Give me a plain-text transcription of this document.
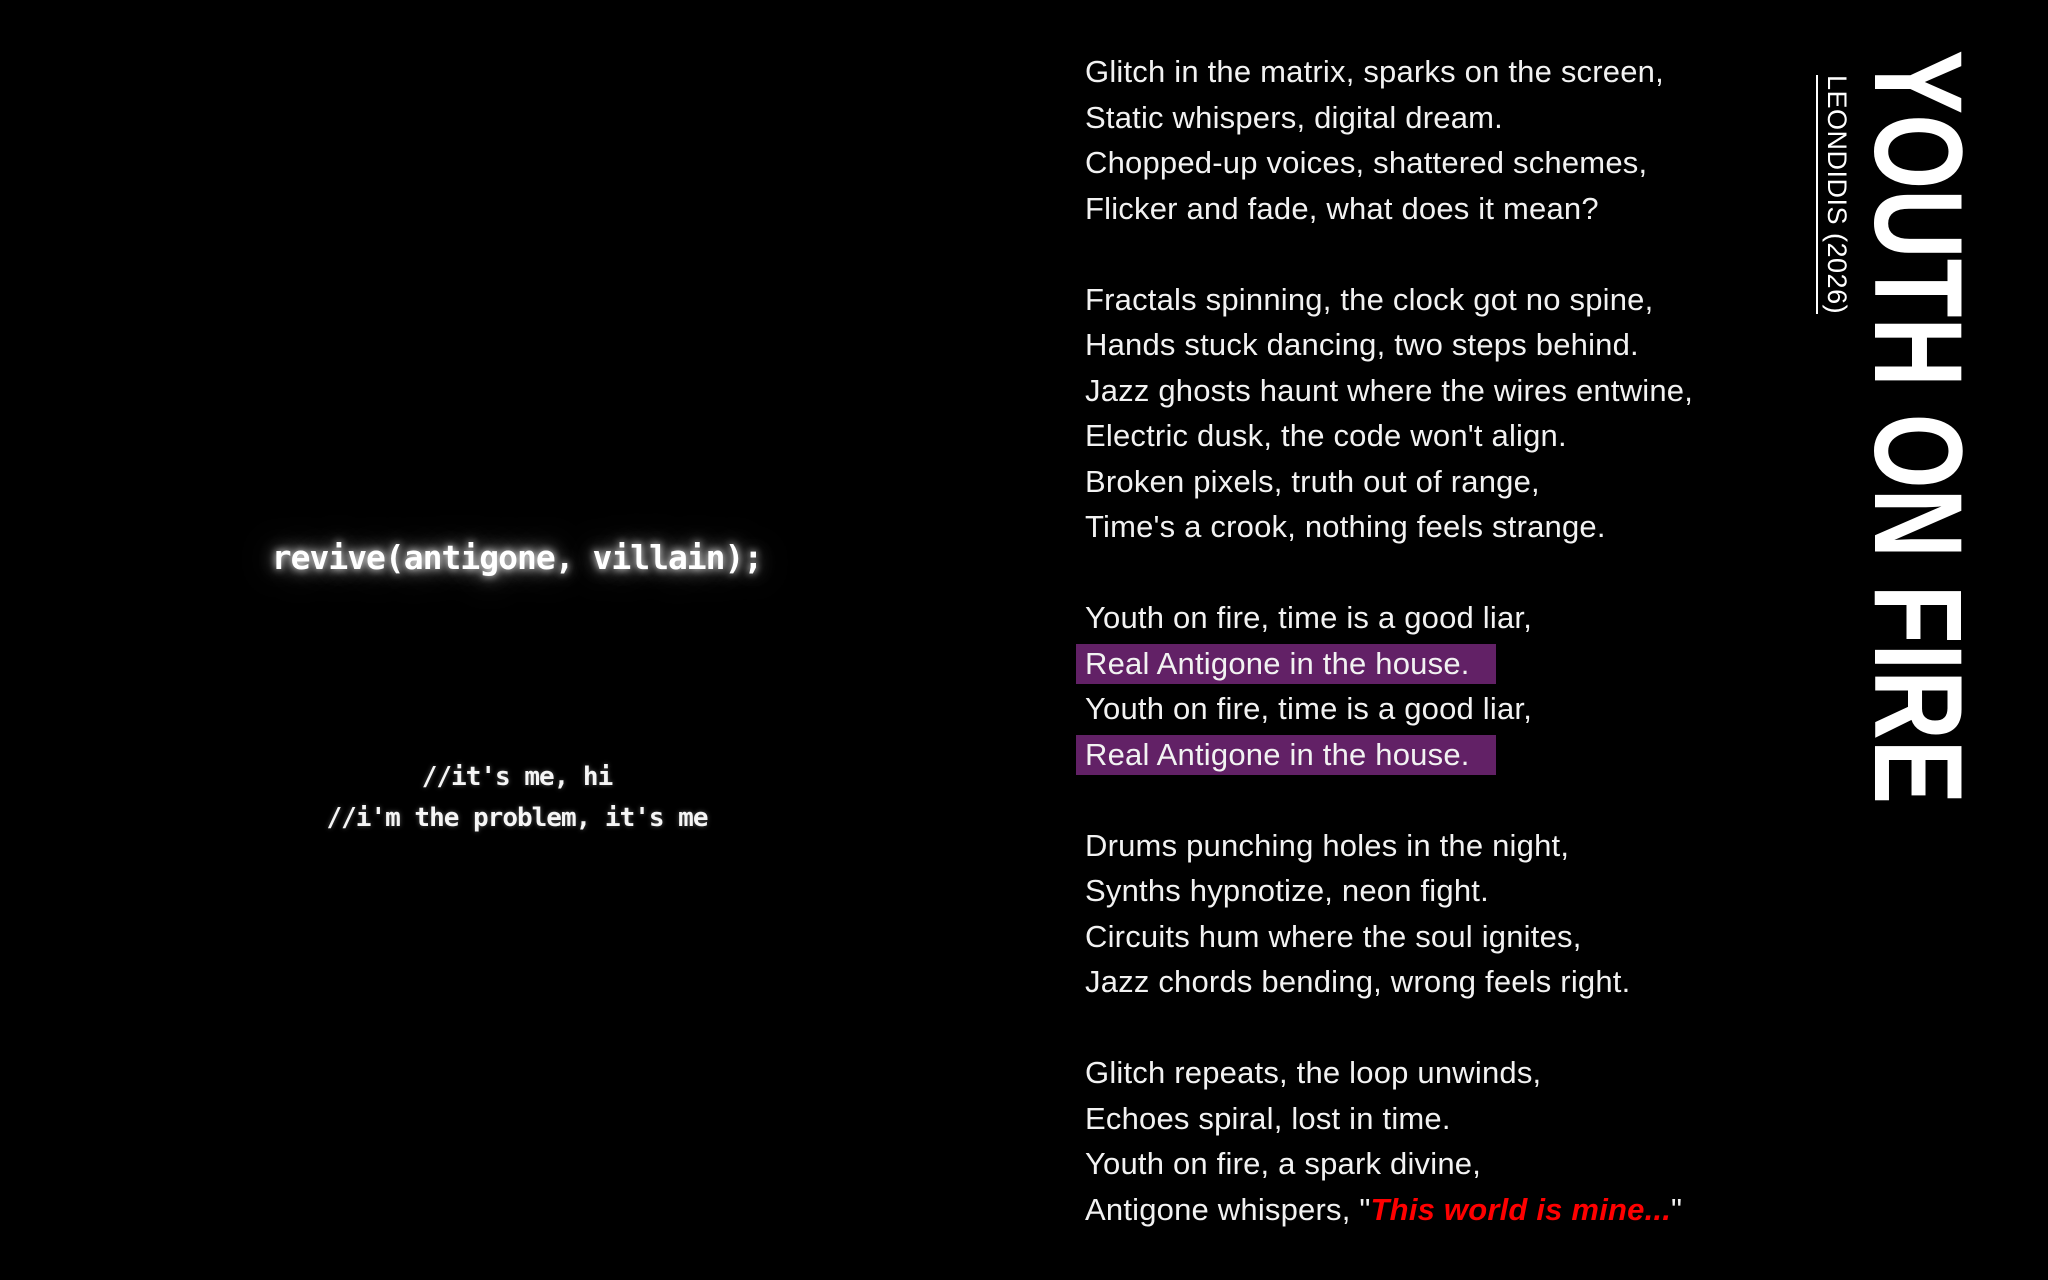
revive(antigone, villain);
//it's me, hi
//i'm the problem, it's me
Glitch in the matrix, sparks on the screen,
Static whispers, digital dream.
Chopped-up voices, shattered schemes,
Flicker and fade, what does it mean?
Fractals spinning, the clock got no spine,
Hands stuck dancing, two steps behind.
Jazz ghosts haunt where the wires entwine,
Electric dusk, the code won't align.
Broken pixels, truth out of range,
Time's a crook, nothing feels strange.
Youth on fire, time is a good liar,
Real Antigone in the house.
Youth on fire, time is a good liar,
Real Antigone in the house.
Drums punching holes in the night,
Synths hypnotize, neon fight.
Circuits hum where the soul ignites,
Jazz chords bending, wrong feels right.
Glitch repeats, the loop unwinds,
Echoes spiral, lost in time.
Youth on fire, a spark divine,
Antigone whispers, "This world is mine..."
LEONDIDIS (2026)
YOUTH ON FIRE
